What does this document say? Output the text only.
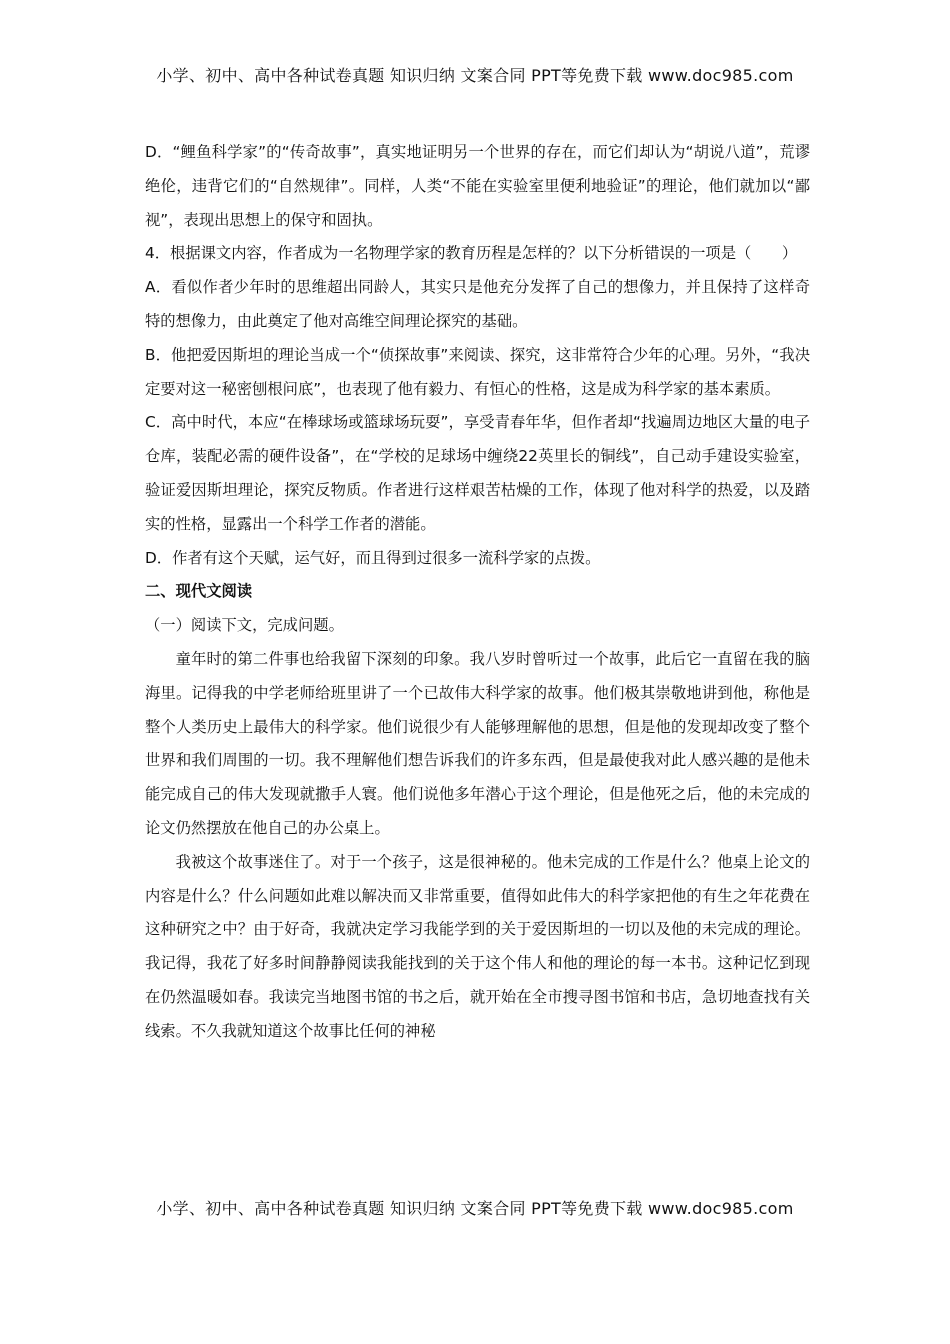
小学、初中、高中各种试卷真题 知识归纳 文案合同 PPT等免费下载 www.doc985.com

D．“鲤鱼科学家”的“传奇故事”，真实地证明另一个世界的存在，而它们却认为“胡说八道”，荒谬绝伦，违背它们的“自然规律”。同样，人类“不能在实验室里便利地验证”的理论，他们就加以“鄙视”，表现出思想上的保守和固执。

4．根据课文内容，作者成为一名物理学家的教育历程是怎样的？以下分析错误的一项是（　　）

A．看似作者少年时的思维超出同龄人，其实只是他充分发挥了自己的想像力，并且保持了这样奇特的想像力，由此奠定了他对高维空间理论探究的基础。

B．他把爱因斯坦的理论当成一个“侦探故事”来阅读、探究，这非常符合少年的心理。另外，“我决定要对这一秘密刨根问底”，也表现了他有毅力、有恒心的性格，这是成为科学家的基本素质。

C．高中时代，本应“在棒球场或篮球场玩耍”，享受青春年华，但作者却“找遍周边地区大量的电子仓库，装配必需的硬件设备”，在“学校的足球场中缠绕22英里长的铜线”，自己动手建设实验室，验证爱因斯坦理论，探究反物质。作者进行这样艰苦枯燥的工作，体现了他对科学的热爱，以及踏实的性格，显露出一个科学工作者的潜能。

D．作者有这个天赋，运气好，而且得到过很多一流科学家的点拨。

二、现代文阅读

（一）阅读下文，完成问题。

童年时的第二件事也给我留下深刻的印象。我八岁时曾听过一个故事，此后它一直留在我的脑海里。记得我的中学老师给班里讲了一个已故伟大科学家的故事。他们极其崇敬地讲到他，称他是整个人类历史上最伟大的科学家。他们说很少有人能够理解他的思想，但是他的发现却改变了整个世界和我们周围的一切。我不理解他们想告诉我们的许多东西，但是最使我对此人感兴趣的是他未能完成自己的伟大发现就撒手人寰。他们说他多年潜心于这个理论，但是他死之后，他的未完成的论文仍然摆放在他自己的办公桌上。

我被这个故事迷住了。对于一个孩子，这是很神秘的。他未完成的工作是什么？他桌上论文的内容是什么？什么问题如此难以解决而又非常重要，值得如此伟大的科学家把他的有生之年花费在这种研究之中？由于好奇，我就决定学习我能学到的关于爱因斯坦的一切以及他的未完成的理论。我记得，我花了好多时间静静阅读我能找到的关于这个伟人和他的理论的每一本书。这种记忆到现在仍然温暖如春。我读完当地图书馆的书之后，就开始在全市搜寻图书馆和书店，急切地查找有关线索。不久我就知道这个故事比任何的神秘

小学、初中、高中各种试卷真题 知识归纳 文案合同 PPT等免费下载 www.doc985.com
